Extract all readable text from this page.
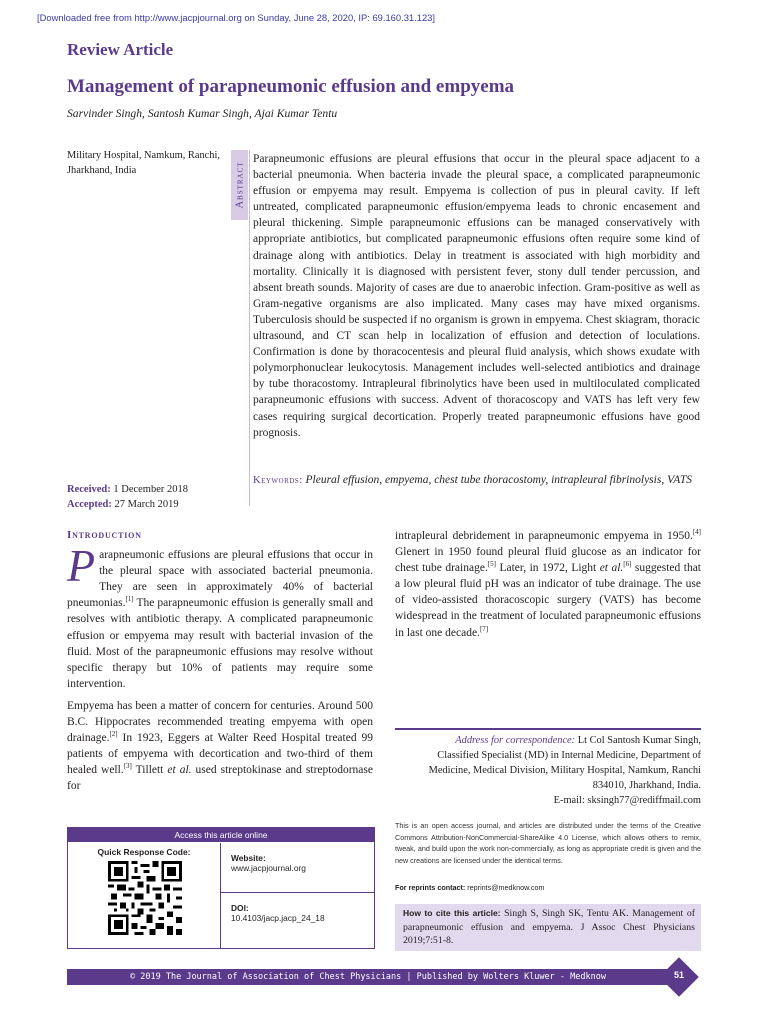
[Downloaded free from http://www.jacpjournal.org on Sunday, June 28, 2020, IP: 69.160.31.123]
Review Article
Management of parapneumonic effusion and empyema
Sarvinder Singh, Santosh Kumar Singh, Ajai Kumar Tentu
Military Hospital, Namkum, Ranchi, Jharkhand, India
Received: 1 December 2018
Accepted: 27 March 2019
Abstract
Parapneumonic effusions are pleural effusions that occur in the pleural space adjacent to a bacterial pneumonia. When bacteria invade the pleural space, a complicated parapneumonic effusion or empyema may result. Empyema is collection of pus in pleural cavity. If left untreated, complicated parapneumonic effusion/empyema leads to chronic encasement and pleural thickening. Simple parapneumonic effusions can be managed conservatively with appropriate antibiotics, but complicated parapneumonic effusions often require some kind of drainage along with antibiotics. Delay in treatment is associated with high morbidity and mortality. Clinically it is diagnosed with persistent fever, stony dull tender percussion, and absent breath sounds. Majority of cases are due to anaerobic infection. Gram-positive as well as Gram-negative organisms are also implicated. Many cases may have mixed organisms. Tuberculosis should be suspected if no organism is grown in empyema. Chest skiagram, thoracic ultrasound, and CT scan help in localization of effusion and detection of loculations. Confirmation is done by thoracocentesis and pleural fluid analysis, which shows exudate with polymorphonuclear leukocytosis. Management includes well-selected antibiotics and drainage by tube thoracostomy. Intrapleural fibrinolytics have been used in multiloculated complicated parapneumonic effusions with success. Advent of thoracoscopy and VATS has left very few cases requiring surgical decortication. Properly treated parapneumonic effusions have good prognosis.
Keywords: Pleural effusion, empyema, chest tube thoracostomy, intrapleural fibrinolysis, VATS
Introduction

Parapneumonic effusions are pleural effusions that occur in the pleural space with associated bacterial pneumonia. They are seen in approximately 40% of bacterial pneumonias.[1] The parapneumonic effusion is generally small and resolves with antibiotic therapy. A complicated parapneumonic effusion or empyema may result with bacterial invasion of the fluid. Most of the parapneumonic effusions may resolve without specific therapy but 10% of patients may require some intervention.

Empyema has been a matter of concern for centuries. Around 500 B.C. Hippocrates recommended treating empyema with open drainage.[2] In 1923, Eggers at Walter Reed Hospital treated 99 patients of empyema with decortication and two-third of them healed well.[3] Tillett et al. used streptokinase and streptodornase for

intrapleural debridement in parapneumonic empyema in 1950.[4] Glenert in 1950 found pleural fluid glucose as an indicator for chest tube drainage.[5] Later, in 1972, Light et al.[6] suggested that a low pleural fluid pH was an indicator of tube drainage. The use of video-assisted thoracoscopic surgery (VATS) has become widespread in the treatment of loculated parapneumonic effusions in last one decade.[7]
Address for correspondence: Lt Col Santosh Kumar Singh,
Classified Specialist (MD) in Internal Medicine, Department of Medicine, Medical Division, Military Hospital, Namkum, Ranchi 834010, Jharkhand, India.
E-mail: sksingh77@rediffmail.com
Access this article online
Quick Response Code:
Website:
www.jacpjournal.org
DOI:
10.4103/jacp.jacp_24_18
This is an open access journal, and articles are distributed under the terms of the Creative Commons Attribution-NonCommercial-ShareAlike 4.0 License, which allows others to remix, tweak, and build upon the work non-commercially, as long as appropriate credit is given and the new creations are licensed under the identical terms.
For reprints contact: reprints@medknow.com
How to cite this article: Singh S, Singh SK, Tentu AK. Management of parapneumonic effusion and empyema. J Assoc Chest Physicians 2019;7:51-8.
© 2019 The Journal of Association of Chest Physicians | Published by Wolters Kluwer - Medknow	51
